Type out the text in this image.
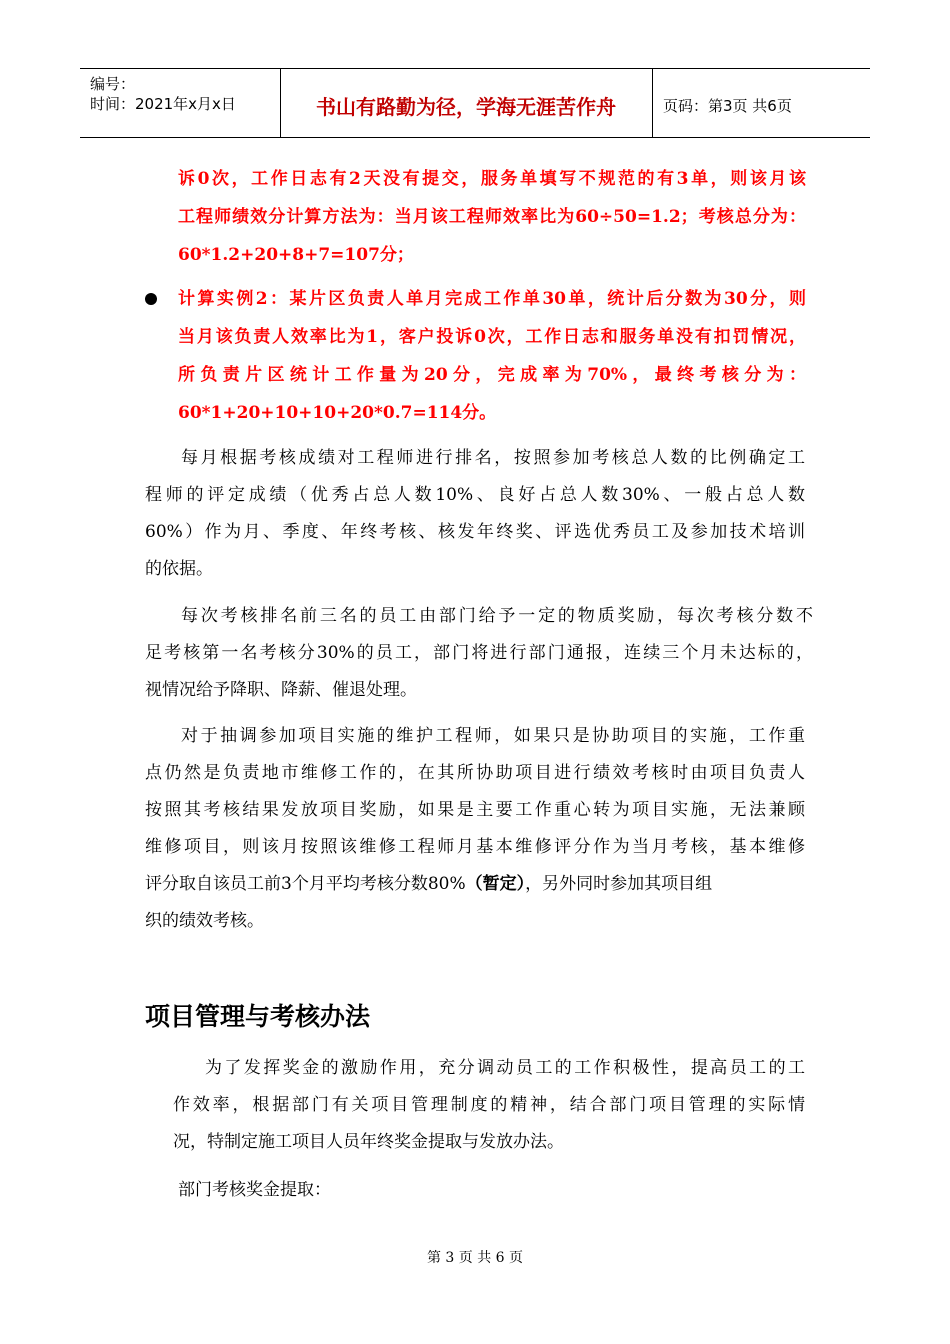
编号：
时间：2021年x月x日	书山有路勤为径，学海无涯苦作舟	页码：第3页 共6页
诉0次，工作日志有2天没有提交，服务单填写不规范的有3单，则该月该
工程师绩效分计算方法为：当月该工程师效率比为60÷50=1.2；考核总分为：
60*1.2+20+8+7=107分；
计算实例2：某片区负责人单月完成工作单30单，统计后分数为30分，则
当月该负责人效率比为1，客户投诉0次，工作日志和服务单没有扣罚情况，
所负责片区统计工作量为20分，完成率为70%，最终考核分为：
60*1+20+10+10+20*0.7=114分。
每月根据考核成绩对工程师进行排名，按照参加考核总人数的比例确定工
程师的评定成绩（优秀占总人数10%、良好占总人数30%、一般占总人数
60%）作为月、季度、年终考核、核发年终奖、评选优秀员工及参加技术培训
的依据。
每次考核排名前三名的员工由部门给予一定的物质奖励，每次考核分数不
足考核第一名考核分30%的员工，部门将进行部门通报，连续三个月未达标的，
视情况给予降职、降薪、催退处理。
对于抽调参加项目实施的维护工程师，如果只是协助项目的实施，工作重
点仍然是负责地市维修工作的，在其所协助项目进行绩效考核时由项目负责人
按照其考核结果发放项目奖励，如果是主要工作重心转为项目实施，无法兼顾
维修项目，则该月按照该维修工程师月基本维修评分作为当月考核，基本维修
评分取自该员工前3个月平均考核分数80%（暂定），另外同时参加其项目组
织的绩效考核。
项目管理与考核办法
为了发挥奖金的激励作用，充分调动员工的工作积极性，提高员工的工
作效率，根据部门有关项目管理制度的精神，结合部门项目管理的实际情
况，特制定施工项目人员年终奖金提取与发放办法。
部门考核奖金提取：
第 3 页 共 6 页
